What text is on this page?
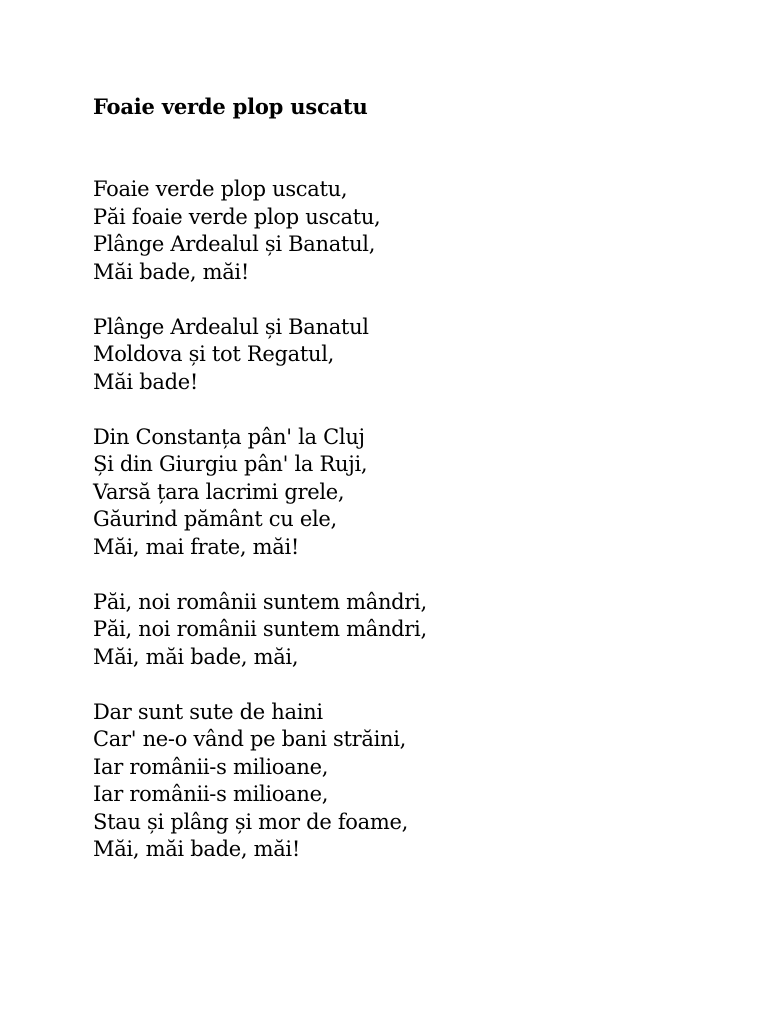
Foaie verde plop uscatu
Foaie verde plop uscatu,
Păi foaie verde plop uscatu,
Plânge Ardealul și Banatul,
Măi bade, măi!
Plânge Ardealul și Banatul
Moldova și tot Regatul,
Măi bade!
Din Constanța pân' la Cluj
Și din Giurgiu pân' la Ruji,
Varsă țara lacrimi grele,
Găurind pământ cu ele,
Măi, mai frate, măi!
Păi, noi românii suntem mândri,
Păi, noi românii suntem mândri,
Măi, măi bade, măi,
Dar sunt sute de haini
Car' ne-o vând pe bani străini,
Iar românii-s milioane,
Iar românii-s milioane,
Stau și plâng și mor de foame,
Măi, măi bade, măi!
